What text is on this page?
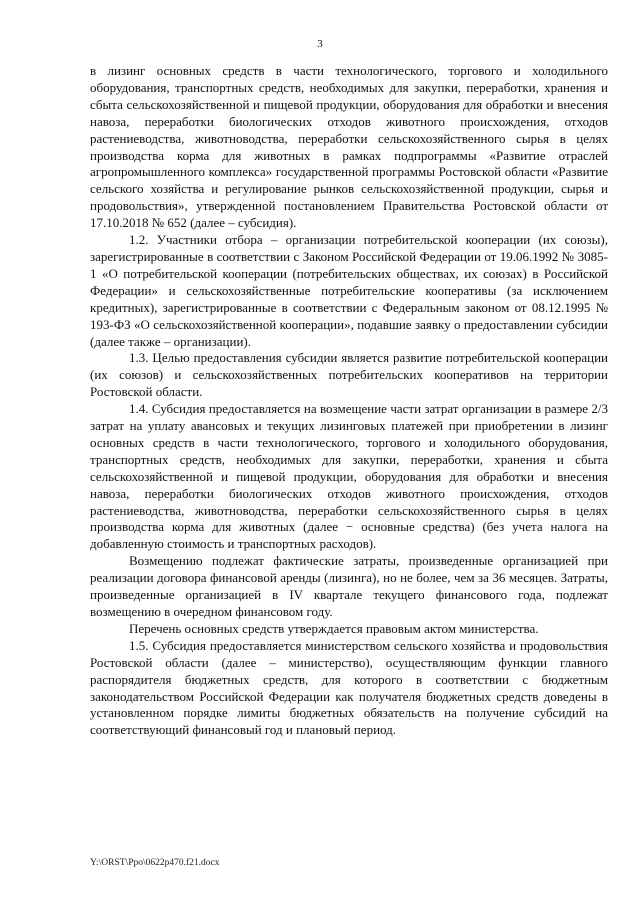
3

в лизинг основных средств в части технологического, торгового и холодильного оборудования, транспортных средств, необходимых для закупки, переработки, хранения и сбыта сельскохозяйственной и пищевой продукции, оборудования для обработки и внесения навоза, переработки биологических отходов животного происхождения, отходов растениеводства, животноводства, переработки сельскохозяйственного сырья в целях производства корма для животных в рамках подпрограммы «Развитие отраслей агропромышленного комплекса» государственной программы Ростовской области «Развитие сельского хозяйства и регулирование рынков сельскохозяйственной продукции, сырья и продовольствия», утвержденной постановлением Правительства Ростовской области от 17.10.2018 № 652 (далее – субсидия).

1.2. Участники отбора – организации потребительской кооперации (их союзы), зарегистрированные в соответствии с Законом Российской Федерации от 19.06.1992 № 3085-1 «О потребительской кооперации (потребительских обществах, их союзах) в Российской Федерации» и сельскохозяйственные потребительские кооперативы (за исключением кредитных), зарегистрированные в соответствии с Федеральным законом от 08.12.1995 № 193-ФЗ «О сельскохозяйственной кооперации», подавшие заявку о предоставлении субсидии (далее также – организации).

1.3. Целью предоставления субсидии является развитие потребительской кооперации (их союзов) и сельскохозяйственных потребительских кооперативов на территории Ростовской области.

1.4. Субсидия предоставляется на возмещение части затрат организации в размере 2/3 затрат на уплату авансовых и текущих лизинговых платежей при приобретении в лизинг основных средств в части технологического, торгового и холодильного оборудования, транспортных средств, необходимых для закупки, переработки, хранения и сбыта сельскохозяйственной и пищевой продукции, оборудования для обработки и внесения навоза, переработки биологических отходов животного происхождения, отходов растениеводства, животноводства, переработки сельскохозяйственного сырья в целях производства корма для животных (далее − основные средства) (без учета налога на добавленную стоимость и транспортных расходов).

Возмещению подлежат фактические затраты, произведенные организацией при реализации договора финансовой аренды (лизинга), но не более, чем за 36 месяцев. Затраты, произведенные организацией в IV квартале текущего финансового года, подлежат возмещению в очередном финансовом году.

Перечень основных средств утверждается правовым актом министерства.

1.5. Субсидия предоставляется министерством сельского хозяйства и продовольствия Ростовской области (далее – министерство), осуществляющим функции главного распорядителя бюджетных средств, для которого в соответствии с бюджетным законодательством Российской Федерации как получателя бюджетных средств доведены в установленном порядке лимиты бюджетных обязательств на получение субсидий на соответствующий финансовый год и плановый период.

Y:\ORST\Ppo\0622p470.f21.docx
